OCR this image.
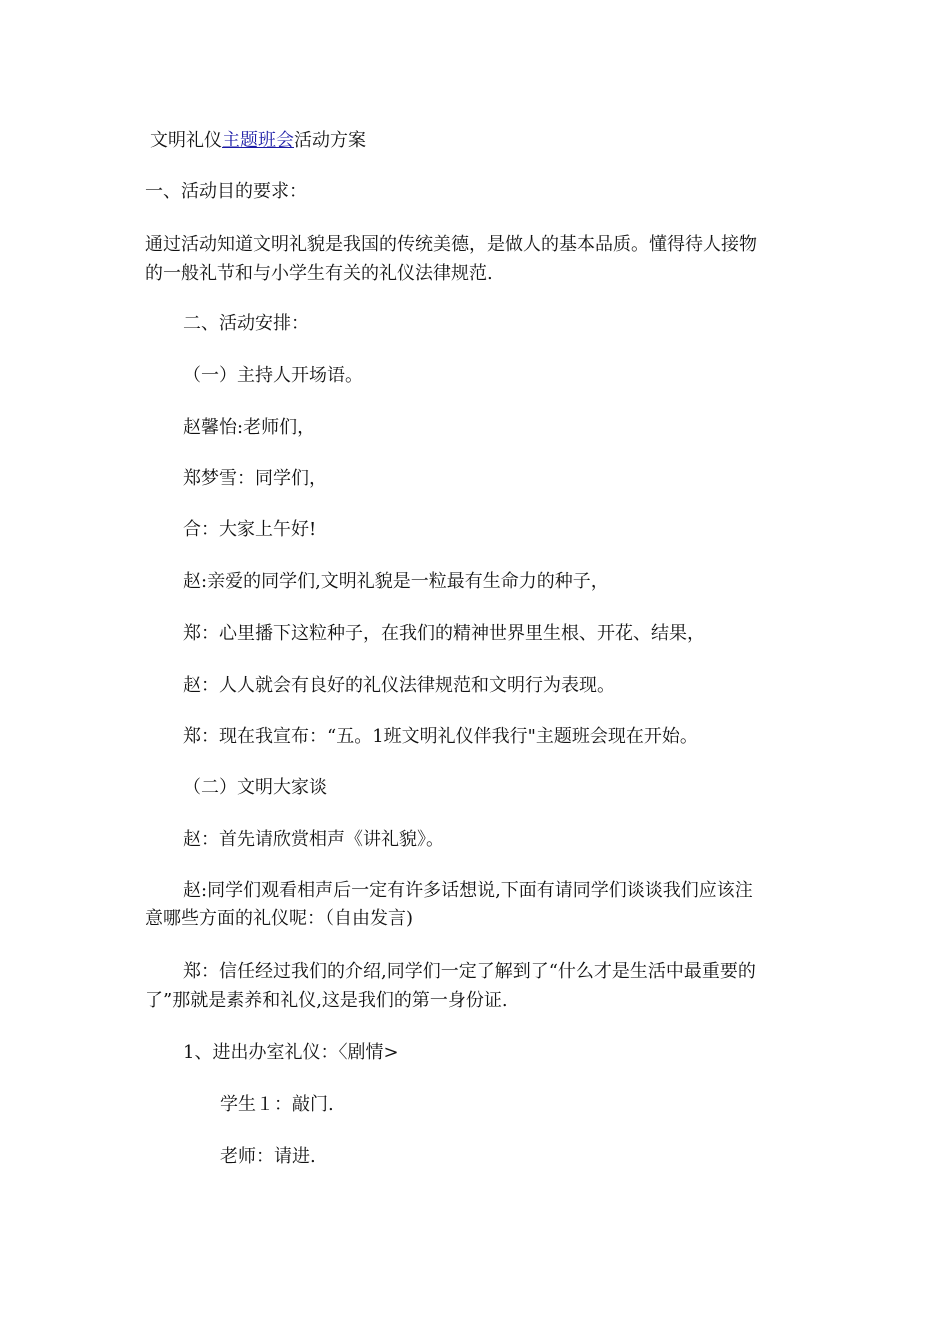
文明礼仪主题班会活动方案
一、活动目的要求：
通过活动知道文明礼貌是我国的传统美德，是做人的基本品质。懂得待人接物
的一般礼节和与小学生有关的礼仪法律规范.
二、活动安排：
（一）主持人开场语。
赵馨怡:老师们，
郑梦雪：同学们，
合：大家上午好!
赵:亲爱的同学们,文明礼貌是一粒最有生命力的种子，
郑：心里播下这粒种子，在我们的精神世界里生根、开花、结果，
赵：人人就会有良好的礼仪法律规范和文明行为表现。
郑：现在我宣布：“五。1班文明礼仪伴我行"主题班会现在开始。
（二）文明大家谈
赵：首先请欣赏相声《讲礼貌》。
赵:同学们观看相声后一定有许多话想说,下面有请同学们谈谈我们应该注
意哪些方面的礼仪呢：（自由发言)
郑：信任经过我们的介绍,同学们一定了解到了“什么才是生活中最重要的
了”那就是素养和礼仪,这是我们的第一身份证.
1、进出办室礼仪：〈剧情>
学生１：敲门.
老师：请进.
